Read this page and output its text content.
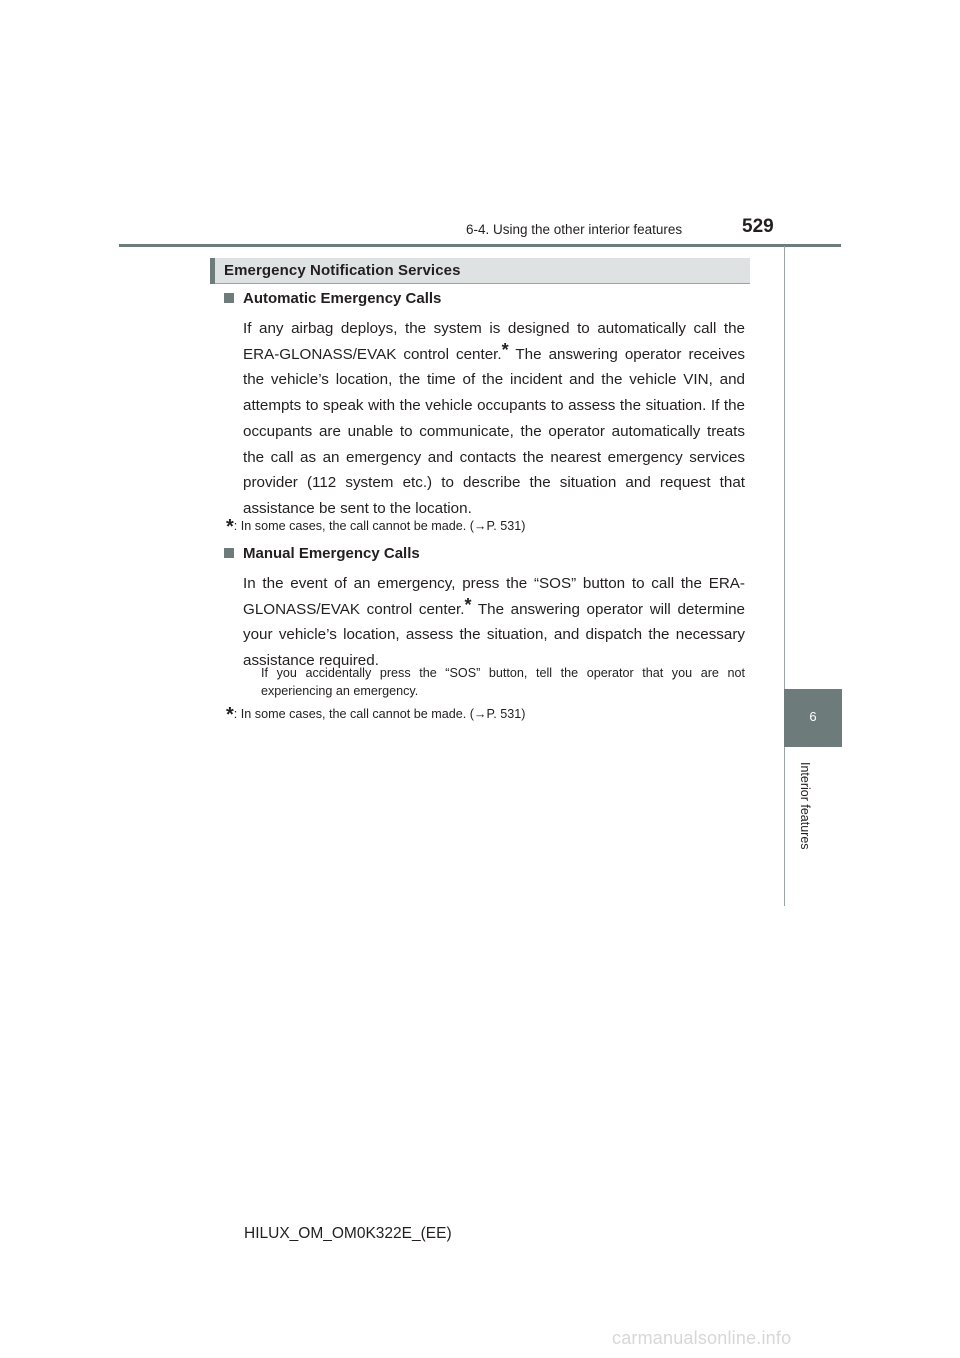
6-4. Using the other interior features	529
6
Interior features
Emergency Notification Services
Automatic Emergency Calls
If any airbag deploys, the system is designed to automatically call the ERA-GLONASS/EVAK control center.* The answering operator receives the vehicle’s location, the time of the incident and the vehicle VIN, and attempts to speak with the vehicle occupants to assess the situation. If the occupants are unable to communicate, the operator automatically treats the call as an emergency and contacts the nearest emergency services provider (112 system etc.) to describe the situation and request that assistance be sent to the location.
*: In some cases, the call cannot be made. (→P. 531)
Manual Emergency Calls
In the event of an emergency, press the “SOS” button to call the ERA-GLONASS/EVAK control center.* The answering operator will determine your vehicle’s location, assess the situation, and dispatch the necessary assistance required.
If you accidentally press the “SOS” button, tell the operator that you are not experiencing an emergency.
*: In some cases, the call cannot be made. (→P. 531)
HILUX_OM_OM0K322E_(EE)
carmanualsonline.info
